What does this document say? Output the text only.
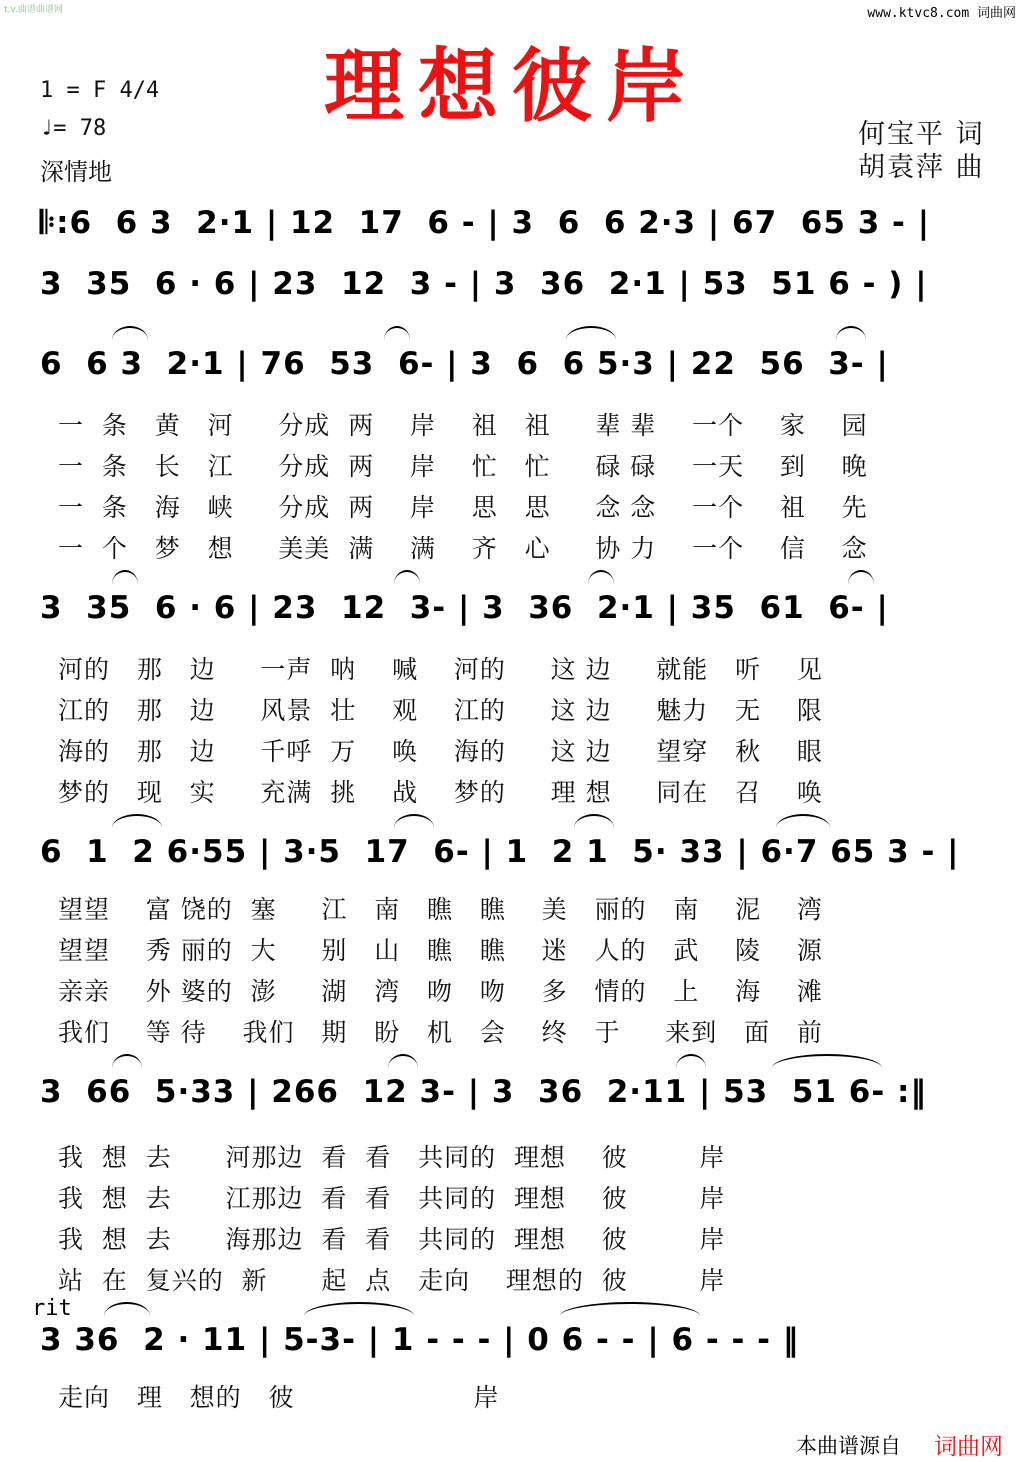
t.v.曲谱曲谱网	www.ktvc8.com 词曲网
理想彼岸
1 = F 4/4
♩= 78
深情地
何宝平 词
胡袁萍 曲
𝄆:6  6 3  2·1 | 12  17  6 - | 3  6  6 2·3 | 67  65 3 - |
3  35  6 · 6 | 23  12  3 - | 3  36  2·1 | 53  51 6 - ) |
6  6 3  2·1 | 76  53  6- | 3  6  6 5·3 | 22  56  3- |
一  条   黄   河     分成  两    岸    祖   祖     辈 辈    一个    家    园
一  条   长   江     分成  两    岸    忙   忙     碌 碌    一天    到    晚
一  条   海   峡     分成  两    岸    思   思     念 念    一个    祖    先
一  个   梦   想     美美  满    满    齐   心     协 力    一个    信    念
3  35  6 · 6 | 23  12  3- | 3  36  2·1 | 35  61  6- |
河的   那   边     一声  呐    喊    河的     这 边     就能   听    见
江的   那   边     风景  壮    观    江的     这 边     魅力   无    限
海的   那   边     千呼  万    唤    海的     这 边     望穿   秋    眼
梦的   现   实     充满  挑    战    梦的     理 想     同在   召    唤
6  1  2 6·55 | 3·5  17  6- | 1  2 1  5· 33 | 6·7 65 3 - |
望望    富 饶的  塞     江   南   瞧   瞧    美   丽的   南    泥    湾
望望    秀 丽的  大     别   山   瞧   瞧    迷   人的   武    陵    源
亲亲    外 婆的  澎     湖   湾   吻   吻    多   情的   上    海    滩
我们    等 待    我们   期   盼   机   会    终   于     来到   面   前
3  66  5·33 | 266  12 3- | 3  36  2·11 | 53  51 6- :‖
我  想  去      河那边  看  看   共同的  理想    彼        岸
我  想  去      江那边  看  看   共同的  理想    彼        岸
我  想  去      海那边  看  看   共同的  理想    彼        岸
站  在  复兴的  新      起  点   走向    理想的  彼        岸
rit
3 36  2 · 11 | 5-3- | 1 - - - | 0 6 - - | 6 - - - ‖
走向   理   想的   彼                    岸
本曲谱源自 词曲网
